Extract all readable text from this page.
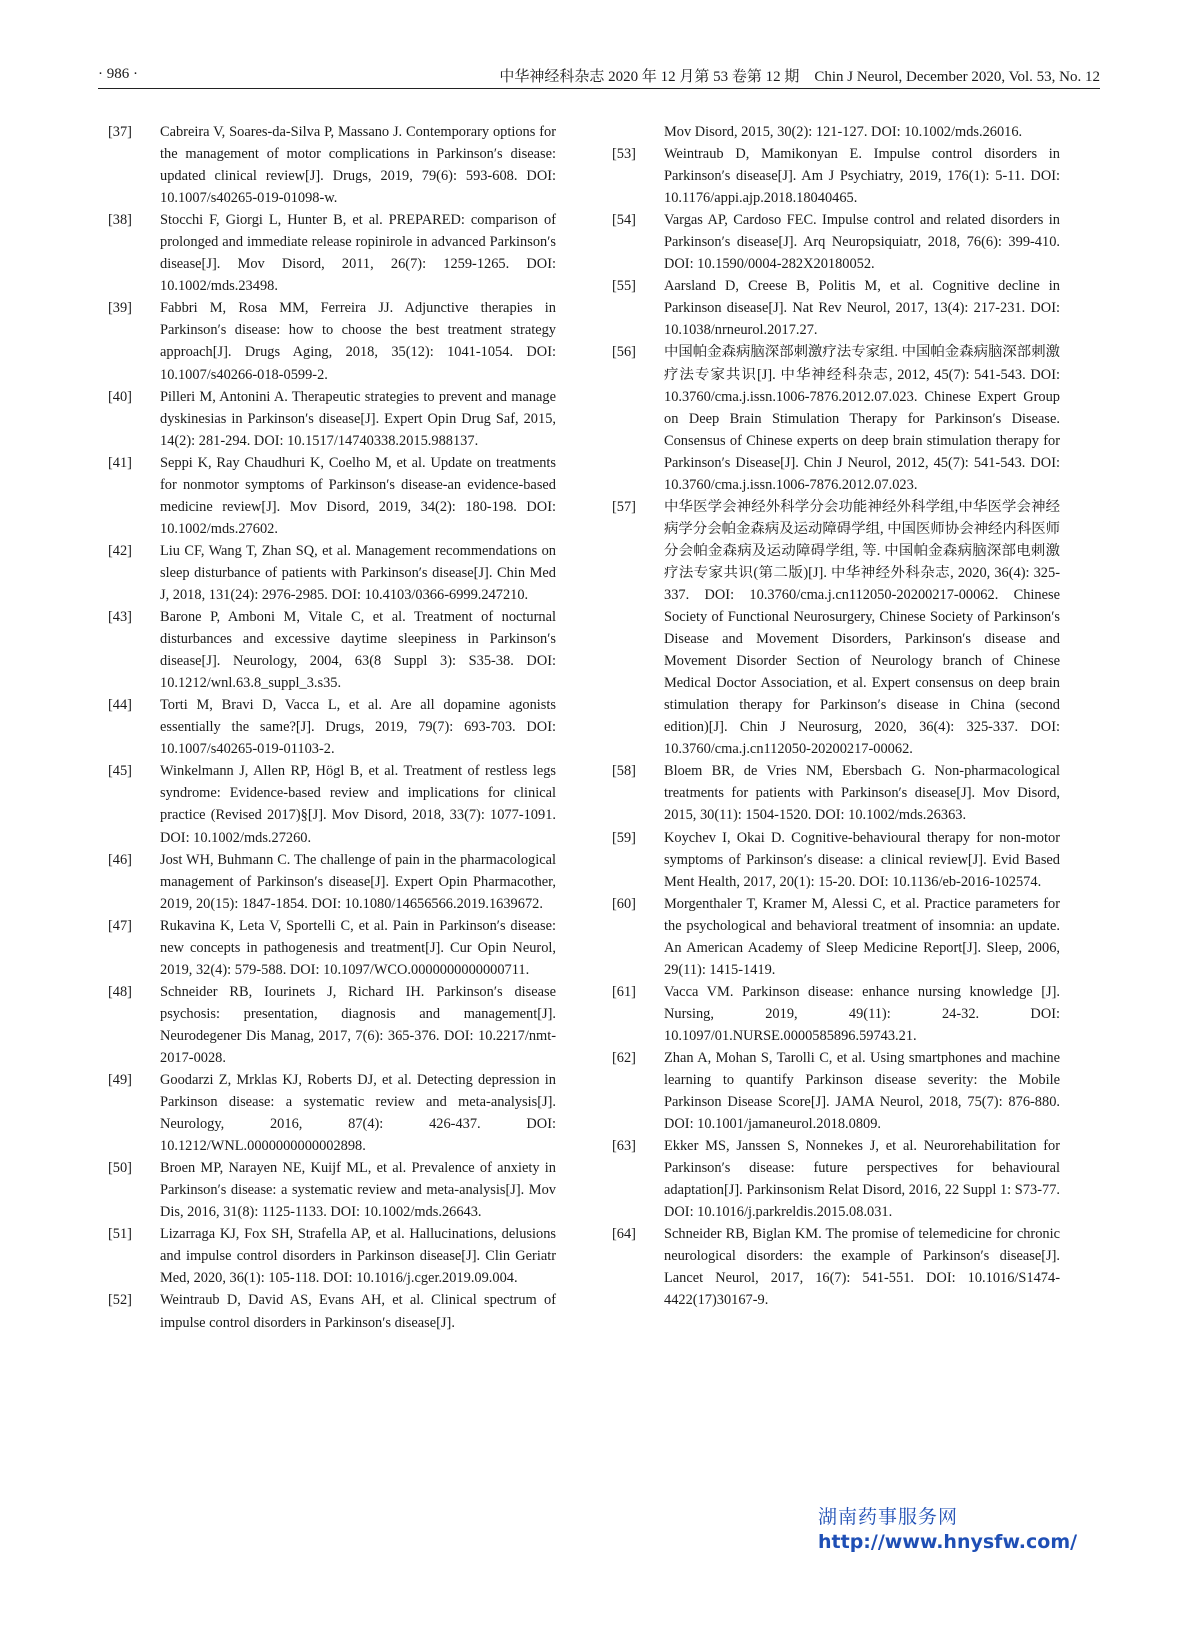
· 986 ·	中华神经科杂志 2020 年 12 月第 53 卷第 12 期　Chin J Neurol, December 2020, Vol. 53, No. 12
[37] Cabreira V, Soares-da-Silva P, Massano J. Contemporary options for the management of motor complications in Parkinson′s disease: updated clinical review[J]. Drugs, 2019, 79(6): 593-608. DOI: 10.1007/s40265-019-01098-w.
[38] Stocchi F, Giorgi L, Hunter B, et al. PREPARED: comparison of prolonged and immediate release ropinirole in advanced Parkinson′s disease[J]. Mov Disord, 2011, 26(7): 1259-1265. DOI: 10.1002/mds.23498.
[39] Fabbri M, Rosa MM, Ferreira JJ. Adjunctive therapies in Parkinson′s disease: how to choose the best treatment strategy approach[J]. Drugs Aging, 2018, 35(12): 1041-1054. DOI: 10.1007/s40266-018-0599-2.
[40] Pilleri M, Antonini A. Therapeutic strategies to prevent and manage dyskinesias in Parkinson′s disease[J]. Expert Opin Drug Saf, 2015, 14(2): 281-294. DOI: 10.1517/14740338.2015.988137.
[41] Seppi K, Ray Chaudhuri K, Coelho M, et al. Update on treatments for nonmotor symptoms of Parkinson′s disease-an evidence-based medicine review[J]. Mov Disord, 2019, 34(2): 180-198. DOI: 10.1002/mds.27602.
[42] Liu CF, Wang T, Zhan SQ, et al. Management recommendations on sleep disturbance of patients with Parkinson′s disease[J]. Chin Med J, 2018, 131(24): 2976-2985. DOI: 10.4103/0366-6999.247210.
[43] Barone P, Amboni M, Vitale C, et al. Treatment of nocturnal disturbances and excessive daytime sleepiness in Parkinson′s disease[J]. Neurology, 2004, 63(8 Suppl 3): S35-38. DOI: 10.1212/wnl.63.8_suppl_3.s35.
[44] Torti M, Bravi D, Vacca L, et al. Are all dopamine agonists essentially the same?[J]. Drugs, 2019, 79(7): 693-703. DOI: 10.1007/s40265-019-01103-2.
[45] Winkelmann J, Allen RP, Högl B, et al. Treatment of restless legs syndrome: Evidence-based review and implications for clinical practice (Revised 2017)§[J]. Mov Disord, 2018, 33(7): 1077-1091. DOI: 10.1002/mds.27260.
[46] Jost WH, Buhmann C. The challenge of pain in the pharmacological management of Parkinson′s disease[J]. Expert Opin Pharmacother, 2019, 20(15): 1847-1854. DOI: 10.1080/14656566.2019.1639672.
[47] Rukavina K, Leta V, Sportelli C, et al. Pain in Parkinson′s disease: new concepts in pathogenesis and treatment[J]. Cur Opin Neurol, 2019, 32(4): 579-588. DOI: 10.1097/WCO.0000000000000711.
[48] Schneider RB, Iourinets J, Richard IH. Parkinson′s disease psychosis: presentation, diagnosis and management[J]. Neurodegener Dis Manag, 2017, 7(6): 365-376. DOI: 10.2217/nmt-2017-0028.
[49] Goodarzi Z, Mrklas KJ, Roberts DJ, et al. Detecting depression in Parkinson disease: a systematic review and meta-analysis[J]. Neurology, 2016, 87(4): 426-437. DOI: 10.1212/WNL.0000000000002898.
[50] Broen MP, Narayen NE, Kuijf ML, et al. Prevalence of anxiety in Parkinson′s disease: a systematic review and meta-analysis[J]. Mov Dis, 2016, 31(8): 1125-1133. DOI: 10.1002/mds.26643.
[51] Lizarraga KJ, Fox SH, Strafella AP, et al. Hallucinations, delusions and impulse control disorders in Parkinson disease[J]. Clin Geriatr Med, 2020, 36(1): 105-118. DOI: 10.1016/j.cger.2019.09.004.
[52] Weintraub D, David AS, Evans AH, et al. Clinical spectrum of impulse control disorders in Parkinson′s disease[J].
Mov Disord, 2015, 30(2): 121-127. DOI: 10.1002/mds.26016.
[53] Weintraub D, Mamikonyan E. Impulse control disorders in Parkinson′s disease[J]. Am J Psychiatry, 2019, 176(1): 5-11. DOI: 10.1176/appi.ajp.2018.18040465.
[54] Vargas AP, Cardoso FEC. Impulse control and related disorders in Parkinson′s disease[J]. Arq Neuropsiquiatr, 2018, 76(6): 399-410. DOI: 10.1590/0004-282X20180052.
[55] Aarsland D, Creese B, Politis M, et al. Cognitive decline in Parkinson disease[J]. Nat Rev Neurol, 2017, 13(4): 217-231. DOI: 10.1038/nrneurol.2017.27.
[56] 中国帕金森病脑深部刺激疗法专家组. 中国帕金森病脑深部刺激疗法专家共识[J]. 中华神经科杂志, 2012, 45(7): 541-543. DOI: 10.3760/cma.j.issn.1006-7876.2012.07.023. Chinese Expert Group on Deep Brain Stimulation Therapy for Parkinson′s Disease. Consensus of Chinese experts on deep brain stimulation therapy for Parkinson′s Disease[J]. Chin J Neurol, 2012, 45(7): 541-543. DOI: 10.3760/cma.j.issn.1006-7876.2012.07.023.
[57] 中华医学会神经外科学分会功能神经外科学组,中华医学会神经病学分会帕金森病及运动障碍学组, 中国医师协会神经内科医师分会帕金森病及运动障碍学组, 等. 中国帕金森病脑深部电刺激疗法专家共识(第二版)[J]. 中华神经外科杂志, 2020, 36(4): 325-337. DOI: 10.3760/cma.j.cn112050-20200217-00062. Chinese Society of Functional Neurosurgery, Chinese Society of Parkinson′s Disease and Movement Disorders, Parkinson′s disease and Movement Disorder Section of Neurology branch of Chinese Medical Doctor Association, et al. Expert consensus on deep brain stimulation therapy for Parkinson′s disease in China (second edition)[J]. Chin J Neurosurg, 2020, 36(4): 325-337. DOI: 10.3760/cma.j.cn112050-20200217-00062.
[58] Bloem BR, de Vries NM, Ebersbach G. Non-pharmacological treatments for patients with Parkinson′s disease[J]. Mov Disord, 2015, 30(11): 1504-1520. DOI: 10.1002/mds.26363.
[59] Koychev I, Okai D. Cognitive-behavioural therapy for non-motor symptoms of Parkinson′s disease: a clinical review[J]. Evid Based Ment Health, 2017, 20(1): 15-20. DOI: 10.1136/eb-2016-102574.
[60] Morgenthaler T, Kramer M, Alessi C, et al. Practice parameters for the psychological and behavioral treatment of insomnia: an update. An American Academy of Sleep Medicine Report[J]. Sleep, 2006, 29(11): 1415-1419.
[61] Vacca VM. Parkinson disease: enhance nursing knowledge [J]. Nursing, 2019, 49(11): 24-32. DOI: 10.1097/01.NURSE.0000585896.59743.21.
[62] Zhan A, Mohan S, Tarolli C, et al. Using smartphones and machine learning to quantify Parkinson disease severity: the Mobile Parkinson Disease Score[J]. JAMA Neurol, 2018, 75(7): 876-880. DOI: 10.1001/jamaneurol.2018.0809.
[63] Ekker MS, Janssen S, Nonnekes J, et al. Neurorehabilitation for Parkinson′s disease: future perspectives for behavioural adaptation[J]. Parkinsonism Relat Disord, 2016, 22 Suppl 1: S73-77. DOI: 10.1016/j.parkreldis.2015.08.031.
[64] Schneider RB, Biglan KM. The promise of telemedicine for chronic neurological disorders: the example of Parkinson′s disease[J]. Lancet Neurol, 2017, 16(7): 541-551. DOI: 10.1016/S1474-4422(17)30167-9.
湖南药事服务网
http://www.hnysfw.com/
